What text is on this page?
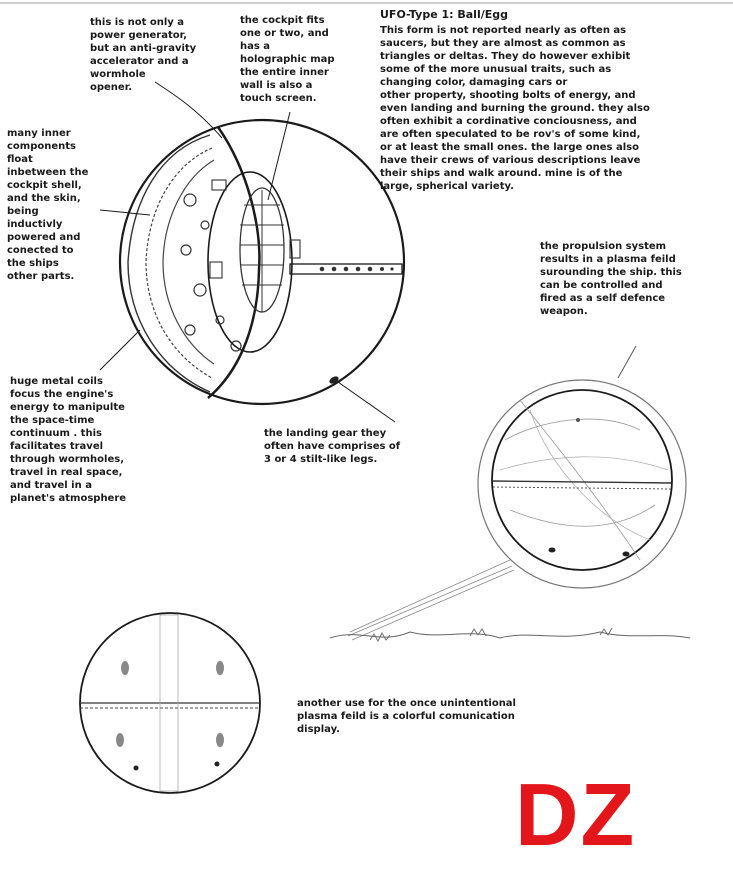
UFO-Type 1: Ball/Egg

This form is not reported nearly as often as
saucers, but they are almost as common as
triangles or deltas. They do however exhibit
some of the more unusual traits, such as
changing color, damaging cars or
other property, shooting bolts of energy, and
even landing and burning the ground. they also
often exhibit a cordinative conciousness, and
are often speculated to be rov's of some kind,
or at least the small ones. the large ones also
have their crews of various descriptions leave
their ships and walk around. mine is of the
large, spherical variety.

this is not only a
power generator,
but an anti-gravity
accelerator and a
wormhole
opener.

the cockpit fits
one or two, and
has a
holographic map
the entire inner
wall is also a
touch screen.

many inner
components
float
inbetween the
cockpit shell,
and the skin,
being
inductivly
powered and
conected to
the ships
other parts.

huge metal coils
focus the engine's
energy to manipulte
the space-time
continuum . this
facilitates travel
through wormholes,
travel in real space,
and travel in a
planet's atmosphere

the landing gear they
often have comprises of
3 or 4 stilt-like legs.

the propulsion system
results in a plasma feild
surounding the ship. this
can be controlled and
fired as a self defence
weapon.

another use for the once unintentional
plasma feild is a colorful comunication
display.

DZ
